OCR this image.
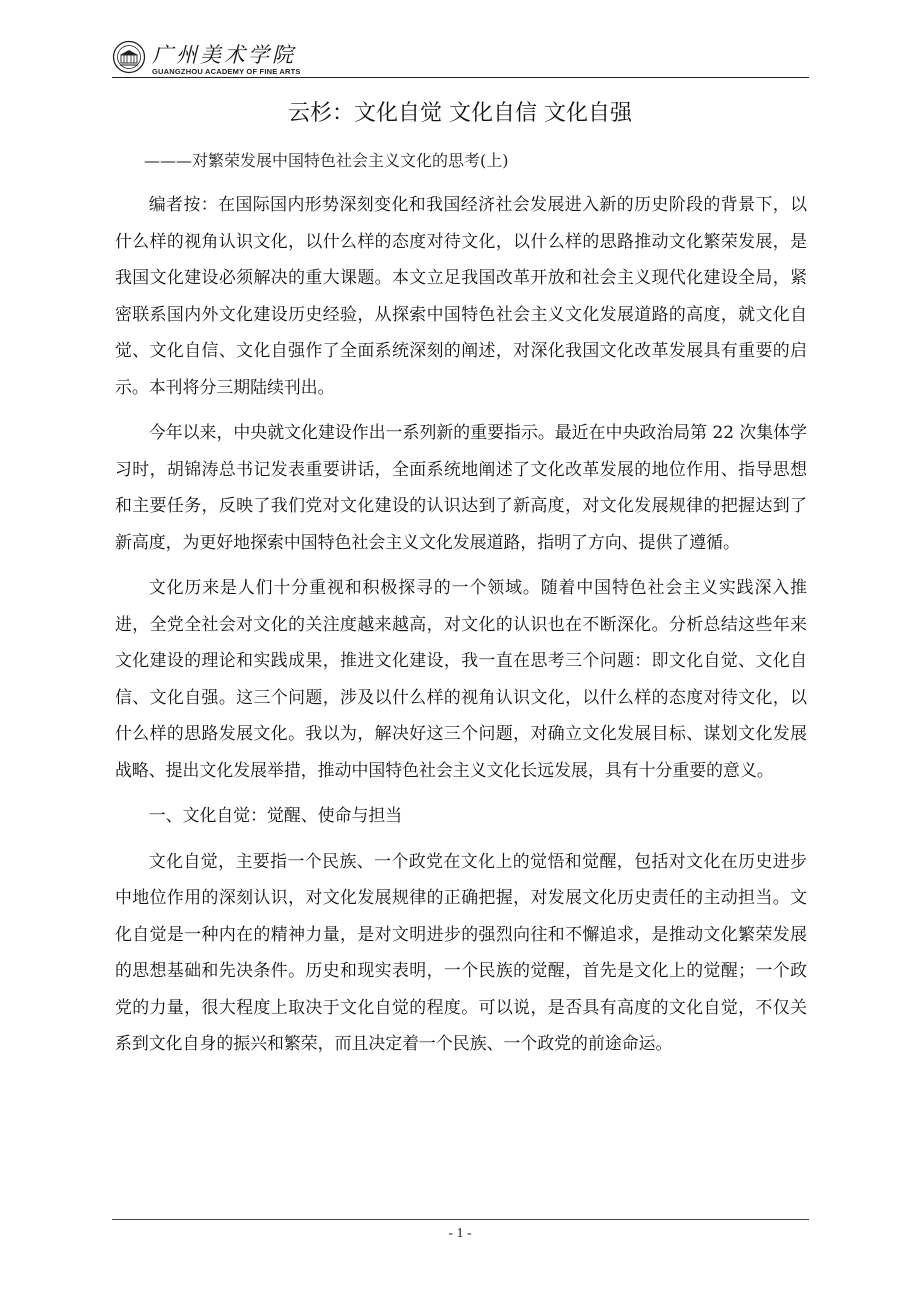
广州美术学院
GUANGZHOU ACADEMY OF FINE ARTS
云杉：文化自觉 文化自信 文化自强
———对繁荣发展中国特色社会主义文化的思考(上)

编者按：在国际国内形势深刻变化和我国经济社会发展进入新的历史阶段的背景下，以什么样的视角认识文化，以什么样的态度对待文化，以什么样的思路推动文化繁荣发展，是我国文化建设必须解决的重大课题。本文立足我国改革开放和社会主义现代化建设全局，紧密联系国内外文化建设历史经验，从探索中国特色社会主义文化发展道路的高度，就文化自觉、文化自信、文化自强作了全面系统深刻的阐述，对深化我国文化改革发展具有重要的启示。本刊将分三期陆续刊出。

今年以来，中央就文化建设作出一系列新的重要指示。最近在中央政治局第 22 次集体学习时，胡锦涛总书记发表重要讲话，全面系统地阐述了文化改革发展的地位作用、指导思想和主要任务，反映了我们党对文化建设的认识达到了新高度，对文化发展规律的把握达到了新高度，为更好地探索中国特色社会主义文化发展道路，指明了方向、提供了遵循。

文化历来是人们十分重视和积极探寻的一个领域。随着中国特色社会主义实践深入推进，全党全社会对文化的关注度越来越高，对文化的认识也在不断深化。分析总结这些年来文化建设的理论和实践成果，推进文化建设，我一直在思考三个问题：即文化自觉、文化自信、文化自强。这三个问题，涉及以什么样的视角认识文化，以什么样的态度对待文化，以什么样的思路发展文化。我以为，解决好这三个问题，对确立文化发展目标、谋划文化发展战略、提出文化发展举措，推动中国特色社会主义文化长远发展，具有十分重要的意义。

一、文化自觉：觉醒、使命与担当

文化自觉，主要指一个民族、一个政党在文化上的觉悟和觉醒，包括对文化在历史进步中地位作用的深刻认识，对文化发展规律的正确把握，对发展文化历史责任的主动担当。文化自觉是一种内在的精神力量，是对文明进步的强烈向往和不懈追求，是推动文化繁荣发展的思想基础和先决条件。历史和现实表明，一个民族的觉醒，首先是文化上的觉醒；一个政党的力量，很大程度上取决于文化自觉的程度。可以说，是否具有高度的文化自觉，不仅关系到文化自身的振兴和繁荣，而且决定着一个民族、一个政党的前途命运。

- 1 -
